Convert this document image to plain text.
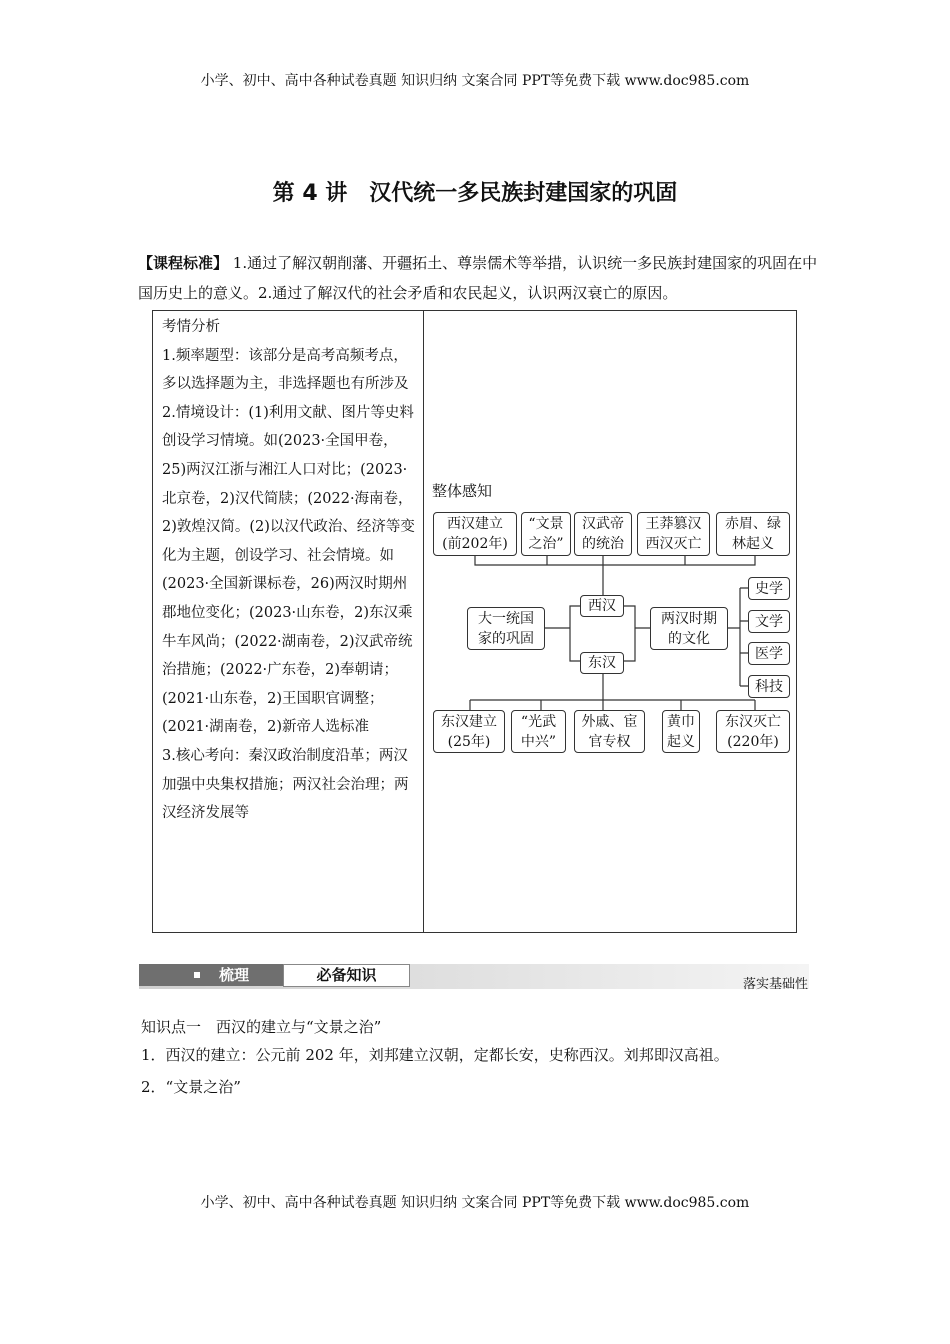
小学、初中、高中各种试卷真题 知识归纳 文案合同 PPT等免费下载 www.doc985.com
第 4 讲　汉代统一多民族封建国家的巩固
【课程标准】 1.通过了解汉朝削藩、开疆拓土、尊崇儒术等举措，认识统一多民族封建国家的巩固在中国历史上的意义。2.通过了解汉代的社会矛盾和农民起义，认识两汉衰亡的原因。

考情分析

1.频率题型：该部分是高考高频考点，多以选择题为主，非选择题也有所涉及

2.情境设计：(1)利用文献、图片等史料创设学习情境。如(2023·全国甲卷，25)两汉江浙与湘江人口对比；(2023·北京卷，2)汉代简牍；(2022·海南卷，2)敦煌汉简。(2)以汉代政治、经济等变化为主题，创设学习、社会情境。如(2023·全国新课标卷，26)两汉时期州郡地位变化；(2023·山东卷，2)东汉乘牛车风尚；(2022·湖南卷，2)汉武帝统治措施；(2022·广东卷，2)奉朝请；(2021·山东卷，2)王国职官调整；(2021·湖南卷，2)新帝人选标准

3.核心考向：秦汉政治制度沿革；两汉加强中央集权措施；两汉社会治理；两汉经济发展等

整体感知
西汉建立
(前202年)
“文景
之治”
汉武帝
的统治
王莽篡汉
西汉灭亡
赤眉、绿
林起义
西汉
东汉
大一统国
家的巩固
两汉时期
的文化
史学
文学
医学
科技
东汉建立
(25年)
“光武
中兴”
外戚、宦
官专权
黄巾
起义
东汉灭亡
(220年)
梳理	必备知识
落实基础性
知识点一　西汉的建立与“文景之治”
1．西汉的建立：公元前 202 年，刘邦建立汉朝，定都长安，史称西汉。刘邦即汉高祖。
2．“文景之治”
小学、初中、高中各种试卷真题 知识归纳 文案合同 PPT等免费下载 www.doc985.com
